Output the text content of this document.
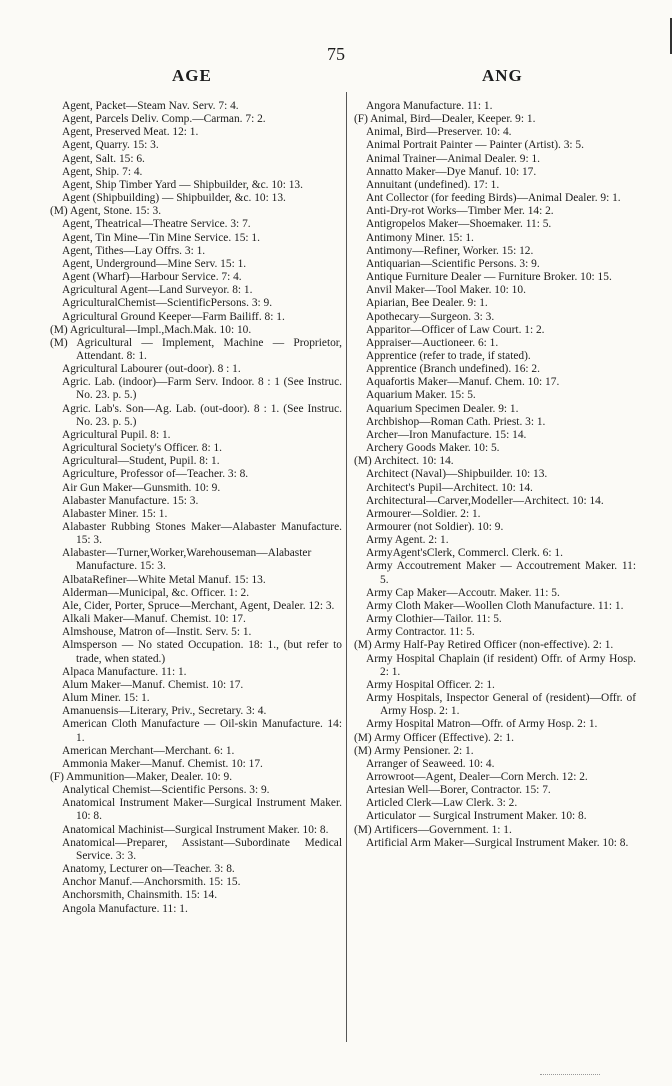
75
AGE	ANG
Agent, Packet—Steam Nav. Serv. 7: 4.
Agent, Parcels Deliv. Comp.—Carman. 7: 2.
Agent, Preserved Meat. 12: 1.
Agent, Quarry. 15: 3.
Agent, Salt. 15: 6.
Agent, Ship. 7: 4.
Agent, Ship Timber Yard — Shipbuilder, &c. 10: 13.
Agent (Shipbuilding) — Shipbuilder, &c. 10: 13.
(M) Agent, Stone. 15: 3.
Agent, Theatrical—Theatre Service. 3: 7.
Agent, Tin Mine—Tin Mine Service. 15: 1.
Agent, Tithes—Lay Offrs. 3: 1.
Agent, Underground—Mine Serv. 15: 1.
Agent (Wharf)—Harbour Service. 7: 4.
Agricultural Agent—Land Surveyor. 8: 1.
AgriculturalChemist—ScientificPersons. 3: 9.
Agricultural Ground Keeper—Farm Bailiff. 8: 1.
(M) Agricultural—Impl.,Mach.Mak. 10: 10.
(M) Agricultural — Implement, Machine — Proprietor, Attendant. 8: 1.
Agricultural Labourer (out-door). 8 : 1.
Agric. Lab. (indoor)—Farm Serv. Indoor. 8 : 1 (See Instruc. No. 23. p. 5.)
Agric. Lab's. Son—Ag. Lab. (out-door). 8 : 1. (See Instruc. No. 23. p. 5.)
Agricultural Pupil. 8: 1.
Agricultural Society's Officer. 8: 1.
Agricultural—Student, Pupil. 8: 1.
Agriculture, Professor of—Teacher. 3: 8.
Air Gun Maker—Gunsmith. 10: 9.
Alabaster Manufacture. 15: 3.
Alabaster Miner. 15: 1.
Alabaster Rubbing Stones Maker—Alabaster Manufacture. 15: 3.
Alabaster—Turner,Worker,Warehouseman—Alabaster Manufacture. 15: 3.
AlbataRefiner—White Metal Manuf. 15: 13.
Alderman—Municipal, &c. Officer. 1: 2.
Ale, Cider, Porter, Spruce—Merchant, Agent, Dealer. 12: 3.
Alkali Maker—Manuf. Chemist. 10: 17.
Almshouse, Matron of—Instit. Serv. 5: 1.
Almsperson — No stated Occupation. 18: 1., (but refer to trade, when stated.)
Alpaca Manufacture. 11: 1.
Alum Maker—Manuf. Chemist. 10: 17.
Alum Miner. 15: 1.
Amanuensis—Literary, Priv., Secretary. 3: 4.
American Cloth Manufacture — Oil-skin Manufacture. 14: 1.
American Merchant—Merchant. 6: 1.
Ammonia Maker—Manuf. Chemist. 10: 17.
(F) Ammunition—Maker, Dealer. 10: 9.
Analytical Chemist—Scientific Persons. 3: 9.
Anatomical Instrument Maker—Surgical Instrument Maker. 10: 8.
Anatomical Machinist—Surgical Instrument Maker. 10: 8.
Anatomical—Preparer, Assistant—Subordinate Medical Service. 3: 3.
Anatomy, Lecturer on—Teacher. 3: 8.
Anchor Manuf.—Anchorsmith. 15: 15.
Anchorsmith, Chainsmith. 15: 14.
Angola Manufacture. 11: 1.
Angora Manufacture. 11: 1.
(F) Animal, Bird—Dealer, Keeper. 9: 1.
Animal, Bird—Preserver. 10: 4.
Animal Portrait Painter — Painter (Artist). 3: 5.
Animal Trainer—Animal Dealer. 9: 1.
Annatto Maker—Dye Manuf. 10: 17.
Annuitant (undefined). 17: 1.
Ant Collector (for feeding Birds)—Animal Dealer. 9: 1.
Anti-Dry-rot Works—Timber Mer. 14: 2.
Antigropelos Maker—Shoemaker. 11: 5.
Antimony Miner. 15: 1.
Antimony—Refiner, Worker. 15: 12.
Antiquarian—Scientific Persons. 3: 9.
Antique Furniture Dealer — Furniture Broker. 10: 15.
Anvil Maker—Tool Maker. 10: 10.
Apiarian, Bee Dealer. 9: 1.
Apothecary—Surgeon. 3: 3.
Apparitor—Officer of Law Court. 1: 2.
Appraiser—Auctioneer. 6: 1.
Apprentice (refer to trade, if stated).
Apprentice (Branch undefined). 16: 2.
Aquafortis Maker—Manuf. Chem. 10: 17.
Aquarium Maker. 15: 5.
Aquarium Specimen Dealer. 9: 1.
Archbishop—Roman Cath. Priest. 3: 1.
Archer—Iron Manufacture. 15: 14.
Archery Goods Maker. 10: 5.
(M) Architect. 10: 14.
Architect (Naval)—Shipbuilder. 10: 13.
Architect's Pupil—Architect. 10: 14.
Architectural—Carver,Modeller—Architect. 10: 14.
Armourer—Soldier. 2: 1.
Armourer (not Soldier). 10: 9.
Army Agent. 2: 1.
ArmyAgent'sClerk, Commercl. Clerk. 6: 1.
Army Accoutrement Maker — Accoutrement Maker. 11: 5.
Army Cap Maker—Accoutr. Maker. 11: 5.
Army Cloth Maker—Woollen Cloth Manufacture. 11: 1.
Army Clothier—Tailor. 11: 5.
Army Contractor. 11: 5.
(M) Army Half-Pay Retired Officer (non-effective). 2: 1.
Army Hospital Chaplain (if resident) Offr. of Army Hosp. 2: 1.
Army Hospital Officer. 2: 1.
Army Hospitals, Inspector General of (resident)—Offr. of Army Hosp. 2: 1.
Army Hospital Matron—Offr. of Army Hosp. 2: 1.
(M) Army Officer (Effective). 2: 1.
(M) Army Pensioner. 2: 1.
Arranger of Seaweed. 10: 4.
Arrowroot—Agent, Dealer—Corn Merch. 12: 2.
Artesian Well—Borer, Contractor. 15: 7.
Articled Clerk—Law Clerk. 3: 2.
Articulator — Surgical Instrument Maker. 10: 8.
(M) Artificers—Government. 1: 1.
Artificial Arm Maker—Surgical Instrument Maker. 10: 8.
